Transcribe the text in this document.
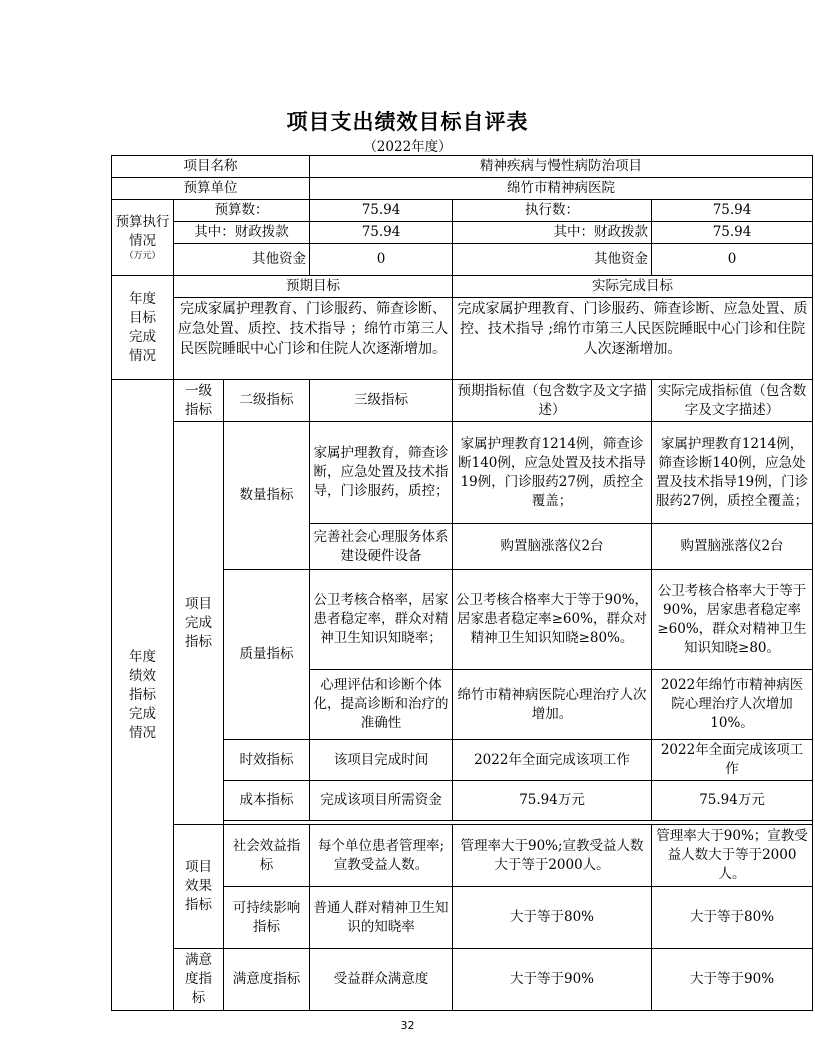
项目支出绩效目标自评表
（2022年度）
项目名称			精神疾病与慢性病防治项目		
预算单位			绵竹市精神病医院		

预算执行情况
（万元）	预算数：		75.94	执行数：	75.94
	其中：财政拨款		75.94	其中：财政拨款	75.94
	其他资金		0	其他资金	0
年度目标完成情况	预期目标			实际完成目标	
	完成家属护理教育、门诊服药、筛查诊断、应急处置、质控、技术指导 ；绵竹市第三人民医院睡眠中心门诊和住院人次逐渐增加。			完成家属护理教育、门诊服药、筛查诊断、应急处置、质控、技术指导 ;绵竹市第三人民医院睡眠中心门诊和住院人次逐渐增加。	
年度绩效指标完成情况	一级指标	二级指标	三级指标	预期指标值（包含数字及文字描述）	实际完成指标值（包含数字及文字描述）
	项目完成指标	数量指标	家属护理教育，筛查诊断，应急处置及技术指导，门诊服药，质控；	家属护理教育1214例，筛查诊断140例，应急处置及技术指导19例，门诊服药27例，质控全覆盖；	家属护理教育1214例，筛查诊断140例，应急处置及技术指导19例，门诊服药27例，质控全覆盖；
			完善社会心理服务体系建设硬件设备	购置脑涨落仪2台	购置脑涨落仪2台
		质量指标	公卫考核合格率，居家患者稳定率，群众对精神卫生知识知晓率；	公卫考核合格率大于等于90%，居家患者稳定率≥60%，群众对精神卫生知识知晓≥80%。	公卫考核合格率大于等于90%，居家患者稳定率≥60%，群众对精神卫生知识知晓≥80。
			心理评估和诊断个体化，提高诊断和治疗的准确性	绵竹市精神病医院心理治疗人次增加。	2022年绵竹市精神病医院心理治疗人次增加10%。
		时效指标	该项目完成时间	2022年全面完成该项工作	2022年全面完成该项工作
		成本指标	完成该项目所需资金	75.94万元	75.94万元

	项目效果指标	社会效益指标	每个单位患者管理率;宣教受益人数。	管理率大于90%;宣教受益人数大于等于2000人。	管理率大于90%；宣教受益人数大于等于2000人。
		可持续影响指标	普通人群对精神卫生知识的知晓率	大于等于80%	大于等于80%
	满意度指标	满意度指标	受益群众满意度	大于等于90%	大于等于90%
32
